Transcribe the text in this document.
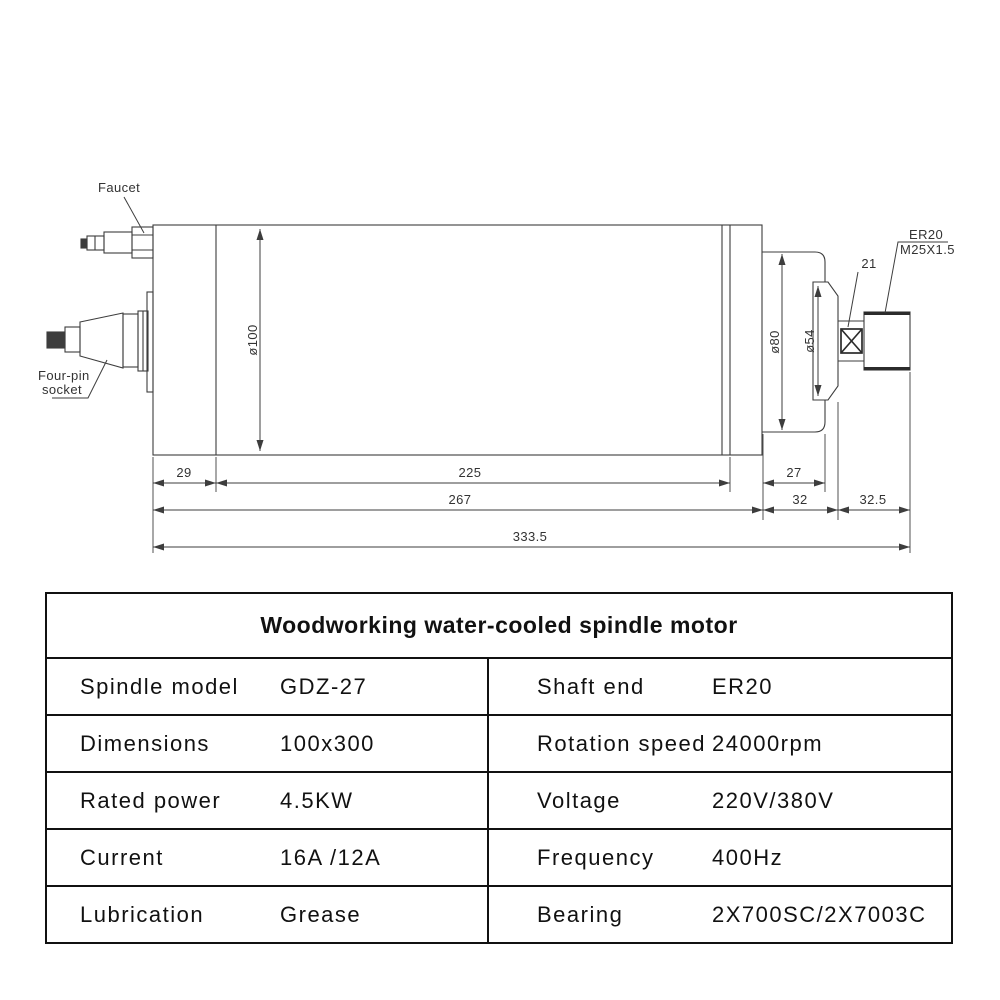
Faucet
Four-pin
socket
21
ER20
M25X1.5
ø100	ø80 ø54
29	225	27
267	32	32.5
333.5
Woodworking water-cooled spindle motor
Spindle model	GDZ-27	Shaft end	ER20
Dimensions	100x300	Rotation speed 24000rpm
Rated power	4.5KW	Voltage	220V/380V
Current	16A /12A	Frequency	400Hz
Lubrication	Grease	Bearing	2X700SC/2X7003C
